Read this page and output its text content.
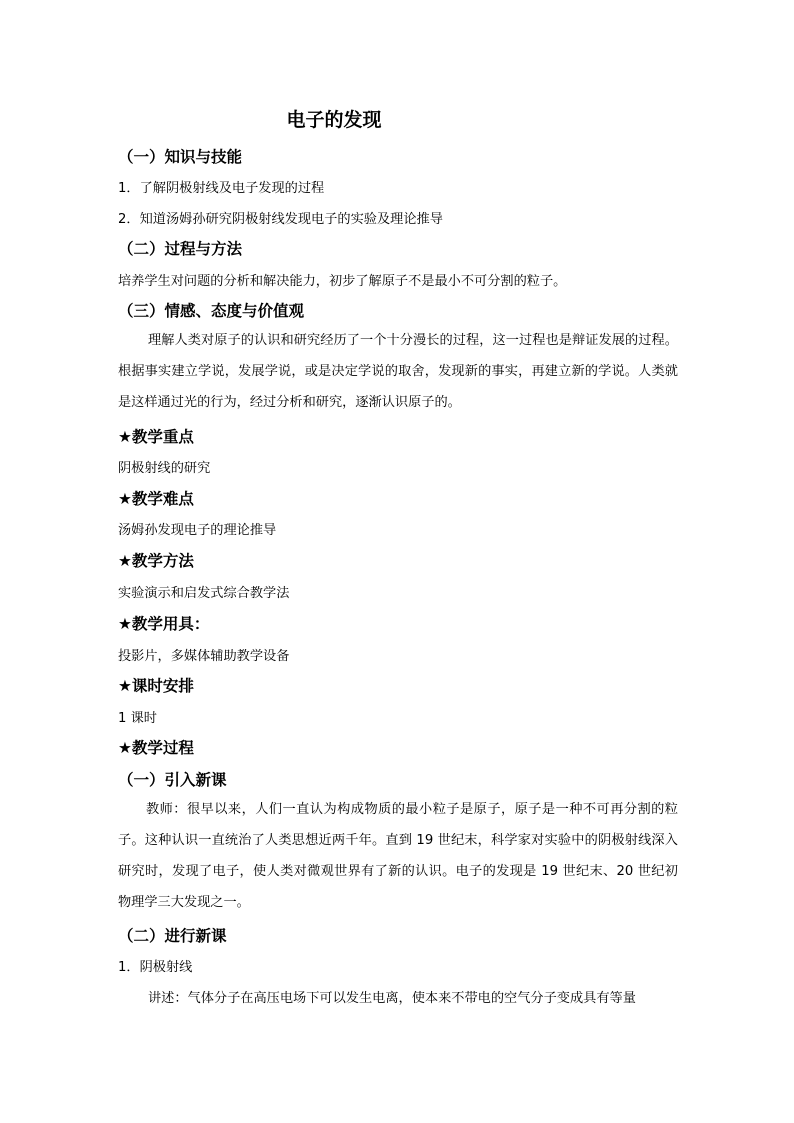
电子的发现
（一）知识与技能
1．了解阴极射线及电子发现的过程
2．知道汤姆孙研究阴极射线发现电子的实验及理论推导
（二）过程与方法
培养学生对问题的分析和解决能力，初步了解原子不是最小不可分割的粒子。
（三）情感、态度与价值观
理解人类对原子的认识和研究经历了一个十分漫长的过程，这一过程也是辩证发展的过程。根据事实建立学说，发展学说，或是决定学说的取舍，发现新的事实，再建立新的学说。人类就是这样通过光的行为，经过分析和研究，逐渐认识原子的。
★教学重点
阴极射线的研究
★教学难点
汤姆孙发现电子的理论推导
★教学方法
实验演示和启发式综合教学法
★教学用具：
投影片，多媒体辅助教学设备
★课时安排
1 课时
★教学过程
（一）引入新课
教师：很早以来，人们一直认为构成物质的最小粒子是原子，原子是一种不可再分割的粒子。这种认识一直统治了人类思想近两千年。直到 19 世纪末，科学家对实验中的阴极射线深入研究时，发现了电子，使人类对微观世界有了新的认识。电子的发现是 19 世纪末、20 世纪初物理学三大发现之一。
（二）进行新课
1．阴极射线
讲述：气体分子在高压电场下可以发生电离，使本来不带电的空气分子变成具有等量
